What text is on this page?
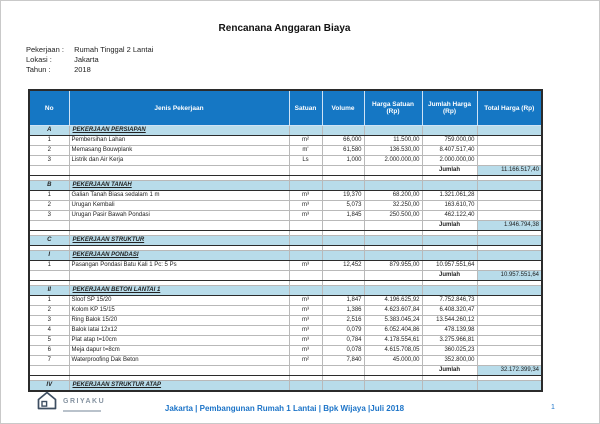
Rencanana Anggaran Biaya
Pekerjaan : Rumah Tinggal 2 Lantai
Lokasi :	Jakarta
Tahun :	2018
No	Jenis Pekerjaan	Satuan	Volume	Harga Satuan (Rp)	Jumlah Harga (Rp)	Total Harga (Rp)
A	PEKERJAAN PERSIAPAN					
1	Pembersihan Lahan	m²	66,000	11.500,00	759.000,00	
2	Memasang Bouwplank	m'	61,580	136.530,00	8.407.517,40	
3	Listrik dan Air Kerja	Ls	1,000	2.000.000,00	2.000.000,00	
					Jumlah	11.166.517,40

B	PEKERJAAN TANAH					
1	Galian Tanah Biasa sedalam 1 m	m³	19,370	68.200,00	1.321.061,28	
2	Urugan Kembali	m³	5,073	32.250,00	163.610,70	
3	Urugan Pasir Bawah Pondasi	m³	1,845	250.500,00	462.122,40	
					Jumlah	1.946.794,38

C	PEKERJAAN STRUKTUR					

I	PEKERJAAN PONDASI					
1	Pasangan Pondasi Batu Kali 1 Pc: 5 Ps	m³	12,452	879.955,00	10.957.551,64	
					Jumlah	10.957.551,64

II	PEKERJAAN BETON LANTAI 1					
1	Sloof SP 15/20	m³	1,847	4.196.625,92	7.752.846,73	
2	Kolom KP 15/15	m³	1,386	4.623.607,84	6.408.320,47	
3	Ring Balok 15/20	m³	2,516	5.383.045,24	13.544.260,12	
4	Balok latai 12x12	m³	0,079	6.052.404,86	478.139,98	
5	Plat atap t=10cm	m³	0,784	4.178.554,61	3.275.966,81	
6	Meja dapur t=8cm	m³	0,078	4.615.708,05	360.025,23	
7	Waterproofing Dak Beton	m²	7,840	45.000,00	352.800,00	
					Jumlah	32.172.399,34

IV	PEKERJAAN STRUKTUR ATAP					
GRIYAKU
Jakarta | Pembangunan Rumah 1 Lantai | Bpk Wijaya |Juli 2018	1
